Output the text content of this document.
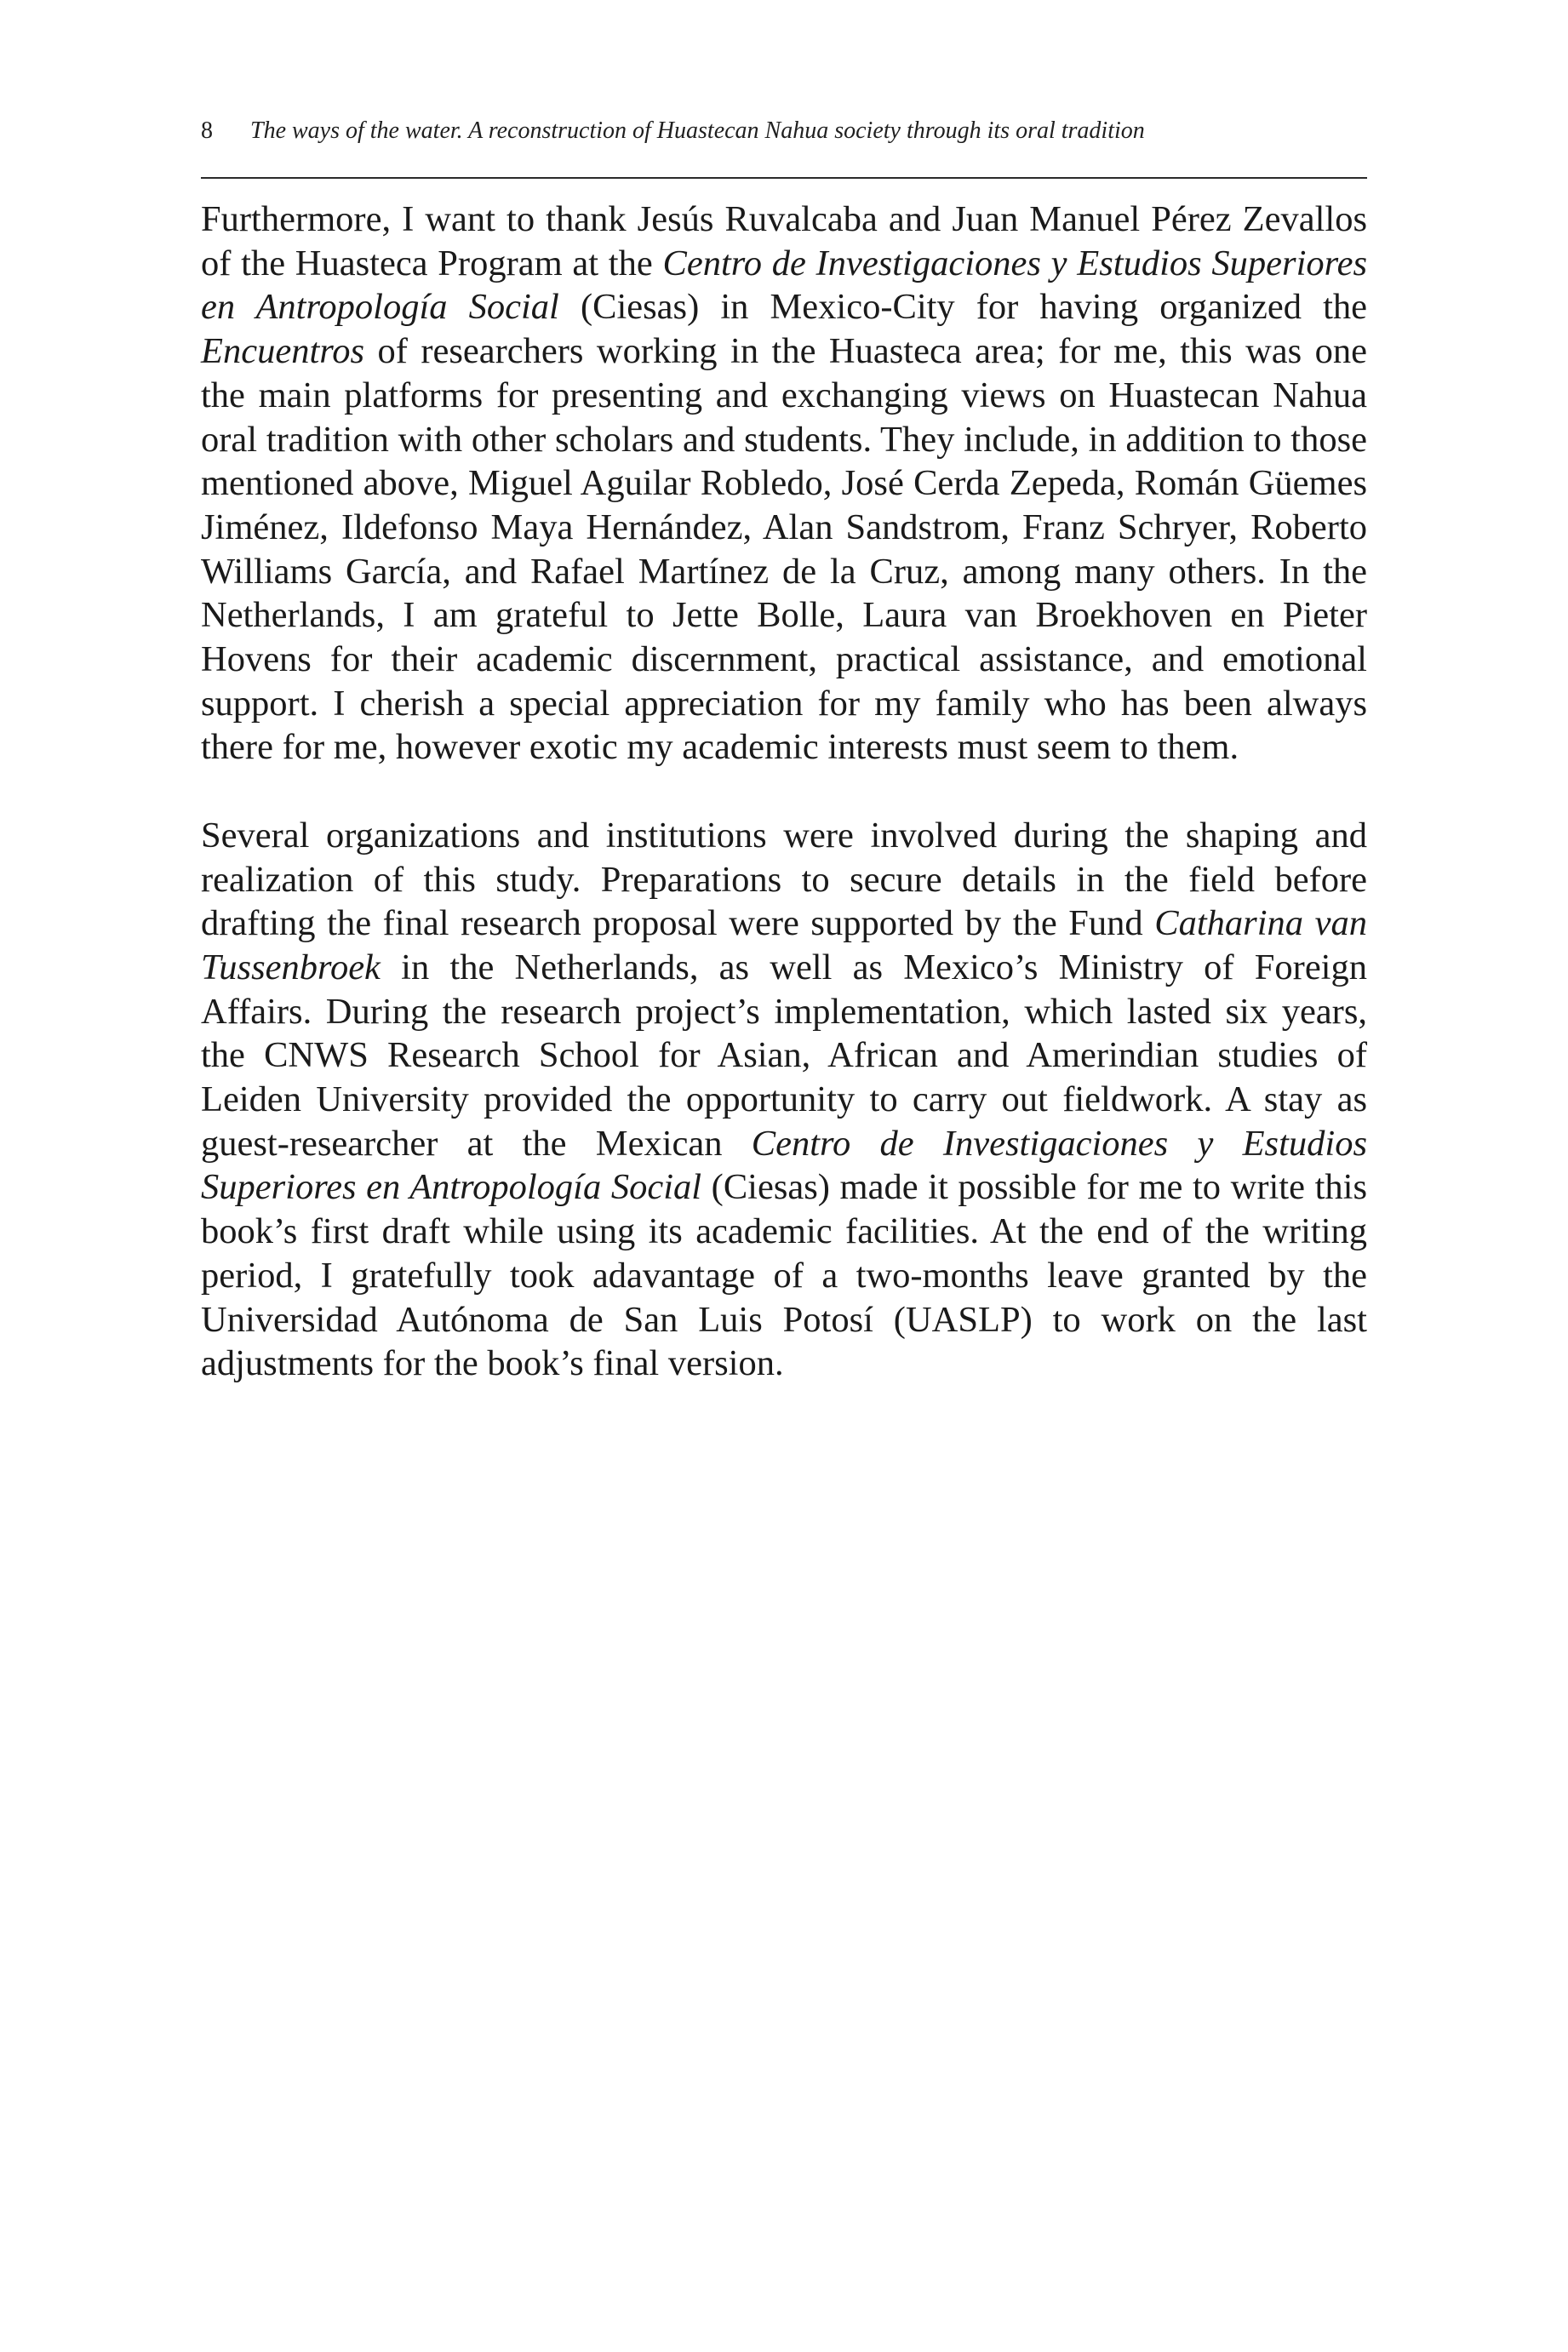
8 The ways of the water. A reconstruction of Huastecan Nahua society through its oral tradition

Furthermore, I want to thank Jesús Ruvalcaba and Juan Manuel Pérez Zevallos of the Huasteca Program at the Centro de Investigaciones y Estudios Superiores en Antropología Social (Ciesas) in Mexico-City for having organized the Encuentros of researchers working in the Huasteca area; for me, this was one the main platforms for presenting and exchanging views on Huastecan Nahua oral tradition with other scholars and students. They include, in addition to those mentioned above, Miguel Aguilar Robledo, José Cerda Zepeda, Román Güemes Jiménez, Ildefonso Maya Hernández, Alan Sandstrom, Franz Schryer, Roberto Williams García, and Rafael Martínez de la Cruz, among many others. In the Netherlands, I am grateful to Jette Bolle, Laura van Broekhoven en Pieter Hovens for their academic discernment, practical assistance, and emotional support. I cherish a special appreciation for my family who has been always there for me, however exotic my academic interests must seem to them.

Several organizations and institutions were involved during the shaping and realization of this study. Preparations to secure details in the field before drafting the final research proposal were supported by the Fund Catharina van Tussenbroek in the Netherlands, as well as Mexico’s Ministry of Foreign Affairs. During the research project’s implementation, which lasted six years, the CNWS Research School for Asian, African and Amerindian studies of Leiden University provided the opportunity to carry out fieldwork. A stay as guest-researcher at the Mexican Centro de Investigaciones y Estudios Superiores en Antropología Social (Ciesas) made it possible for me to write this book’s first draft while using its academic facilities. At the end of the writing period, I gratefully took adavantage of a two-months leave granted by the Universidad Autónoma de San Luis Potosí (UASLP) to work on the last adjustments for the book’s final version.
